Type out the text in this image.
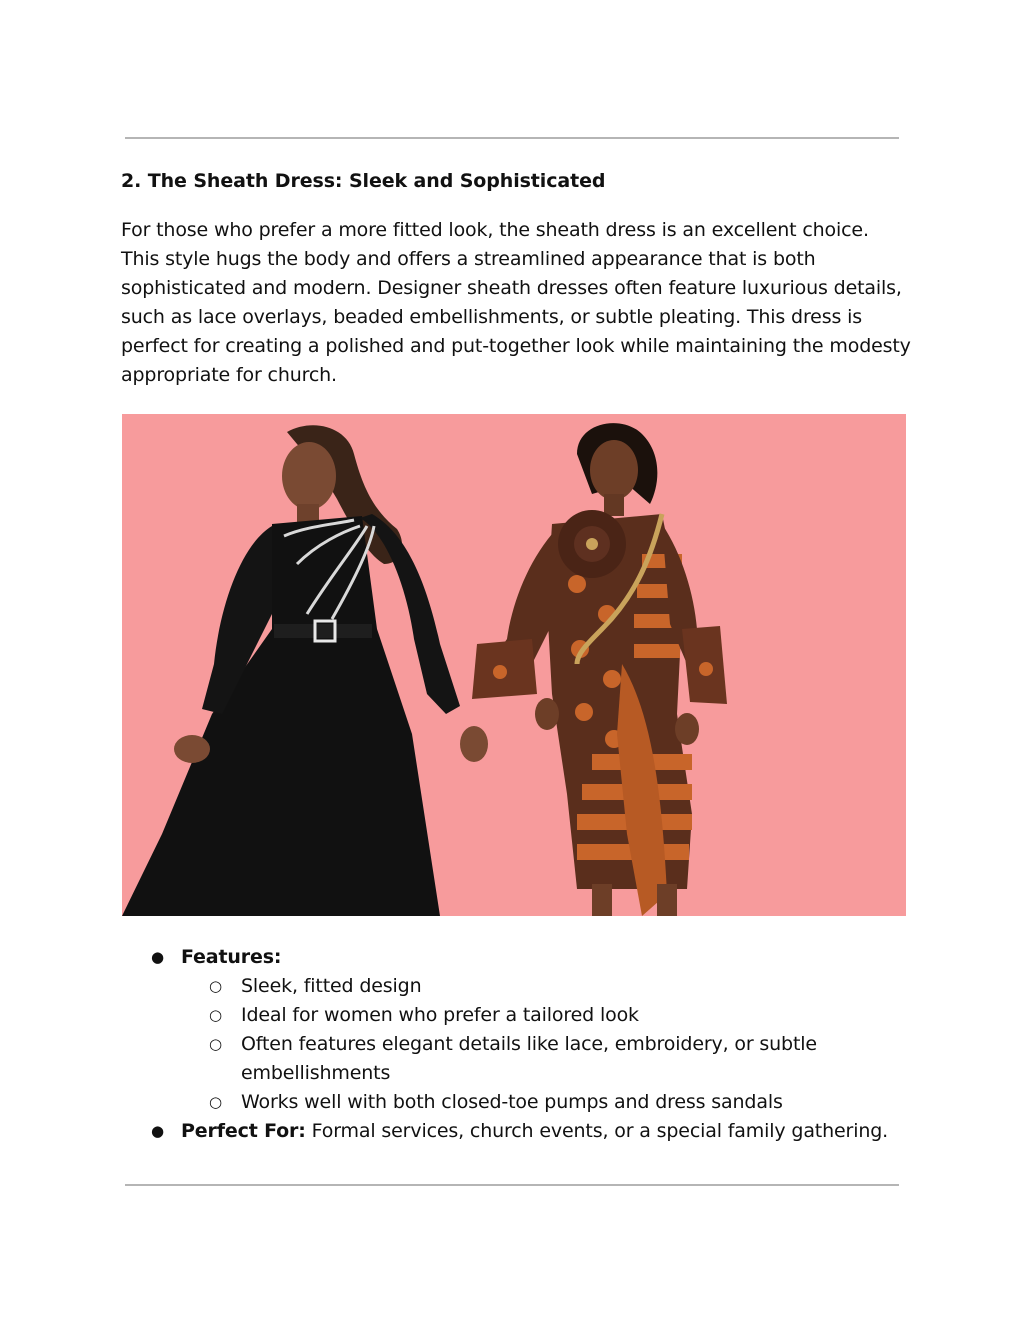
2. The Sheath Dress: Sleek and Sophisticated

For those who prefer a more fitted look, the sheath dress is an excellent choice. This style hugs the body and offers a streamlined appearance that is both sophisticated and modern. Designer sheath dresses often feature luxurious details, such as lace overlays, beaded embellishments, or subtle pleating. This dress is perfect for creating a polished and put-together look while maintaining the modesty appropriate for church.

● Features:
○ Sleek, fitted design
○ Ideal for women who prefer a tailored look
○ Often features elegant details like lace, embroidery, or subtle embellishments
○ Works well with both closed-toe pumps and dress sandals
● Perfect For: Formal services, church events, or a special family gathering.
